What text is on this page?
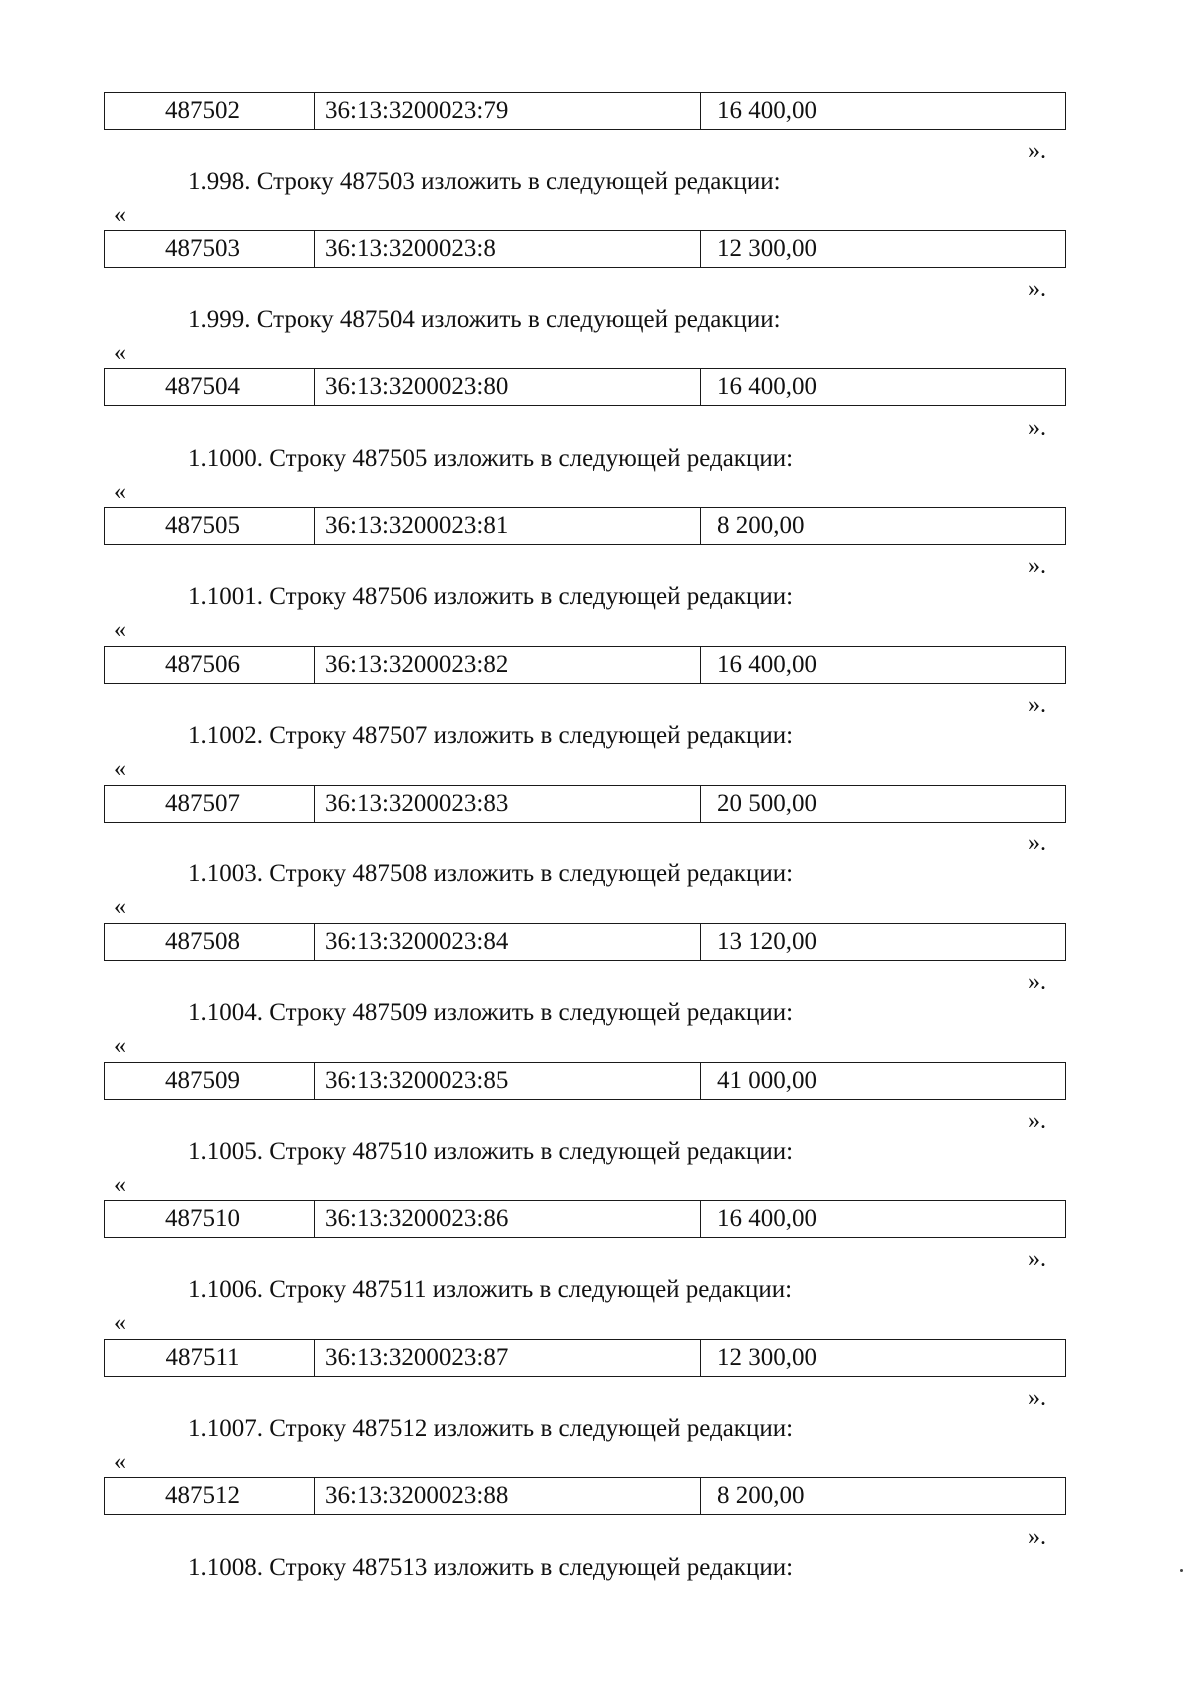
487502	36:13:3200023:79	16 400,00
».
1.998. Строку 487503 изложить в следующей редакции:
«
487503	36:13:3200023:8	12 300,00
».
1.999. Строку 487504 изложить в следующей редакции:
«
487504	36:13:3200023:80	16 400,00
».
1.1000. Строку 487505 изложить в следующей редакции:
«
487505	36:13:3200023:81	8 200,00
».
1.1001. Строку 487506 изложить в следующей редакции:
«
487506	36:13:3200023:82	16 400,00
».
1.1002. Строку 487507 изложить в следующей редакции:
«
487507	36:13:3200023:83	20 500,00
».
1.1003. Строку 487508 изложить в следующей редакции:
«
487508	36:13:3200023:84	13 120,00
».
1.1004. Строку 487509 изложить в следующей редакции:
«
487509	36:13:3200023:85	41 000,00
».
1.1005. Строку 487510 изложить в следующей редакции:
«
487510	36:13:3200023:86	16 400,00
».
1.1006. Строку 487511 изложить в следующей редакции:
«
487511	36:13:3200023:87	12 300,00
».
1.1007. Строку 487512 изложить в следующей редакции:
«
487512	36:13:3200023:88	8 200,00
».
1.1008. Строку 487513 изложить в следующей редакции:
